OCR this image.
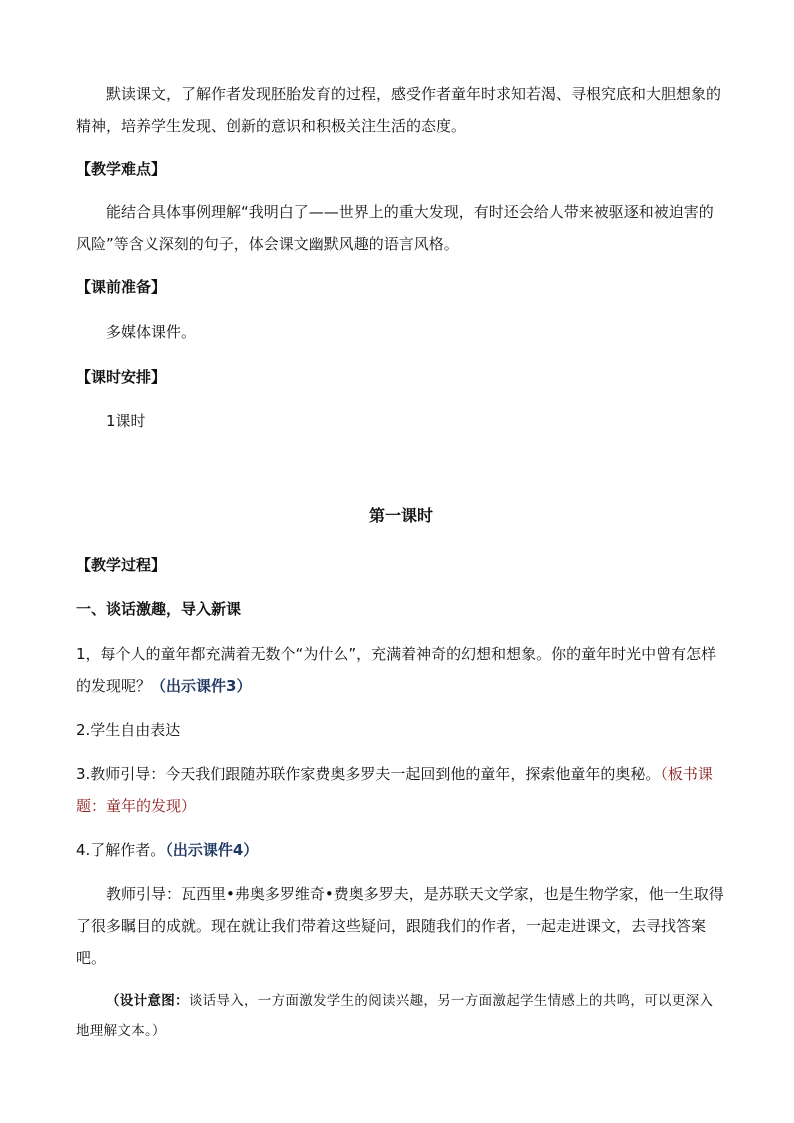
默读课文，了解作者发现胚胎发育的过程，感受作者童年时求知若渴、寻根究底和大胆想象的精神，培养学生发现、创新的意识和积极关注生活的态度。

【教学难点】

能结合具体事例理解“我明白了——世界上的重大发现，有时还会给人带来被驱逐和被迫害的风险”等含义深刻的句子，体会课文幽默风趣的语言风格。

【课前准备】

多媒体课件。

【课时安排】

1课时

第一课时

【教学过程】

一、谈话激趣，导入新课

1，每个人的童年都充满着无数个“为什么”，充满着神奇的幻想和想象。你的童年时光中曾有怎样的发现呢？（出示课件3）

2.学生自由表达

3.教师引导：今天我们跟随苏联作家费奥多罗夫一起回到他的童年，探索他童年的奥秘。（板书课题：童年的发现）

4.了解作者。（出示课件4）

教师引导：瓦西里•弗奥多罗维奇•费奥多罗夫，是苏联天文学家，也是生物学家，他一生取得了很多瞩目的成就。现在就让我们带着这些疑问，跟随我们的作者，一起走进课文，去寻找答案吧。

（设计意图：谈话导入，一方面激发学生的阅读兴趣，另一方面激起学生情感上的共鸣，可以更深入地理解文本。）
